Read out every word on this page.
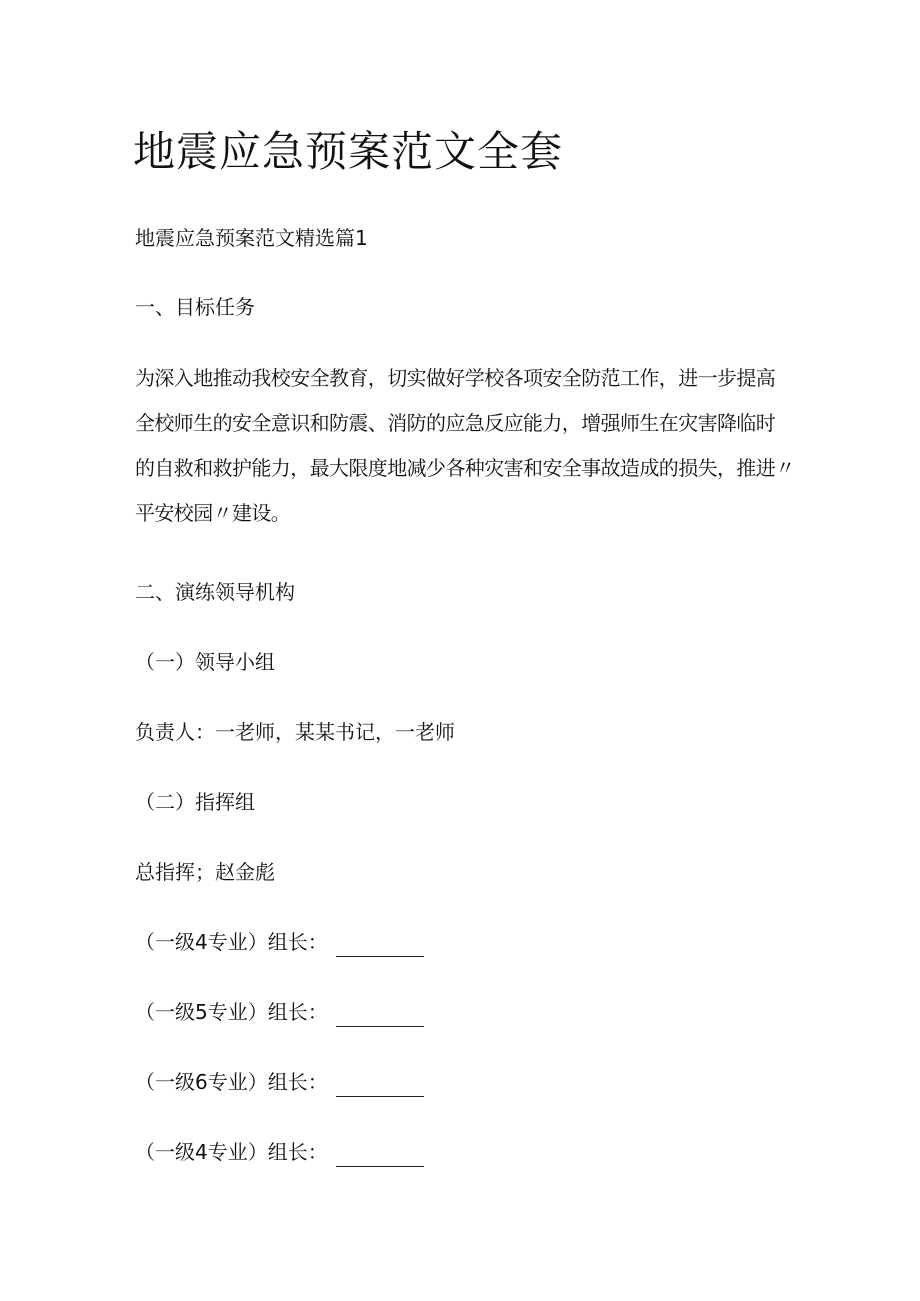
地震应急预案范文全套
地震应急预案范文精选篇1
一、目标任务
为深入地推动我校安全教育，切实做好学校各项安全防范工作，进一步提高
全校师生的安全意识和防震、消防的应急反应能力，增强师生在灾害降临时
的自救和救护能力，最大限度地减少各种灾害和安全事故造成的损失，推进〃
平安校园〃建设。
二、演练领导机构
（一）领导小组
负责人：一老师，某某书记，一老师
（二）指挥组
总指挥；赵金彪
（一级4专业）组长：
（一级5专业）组长：
（一级6专业）组长：
（一级4专业）组长：
